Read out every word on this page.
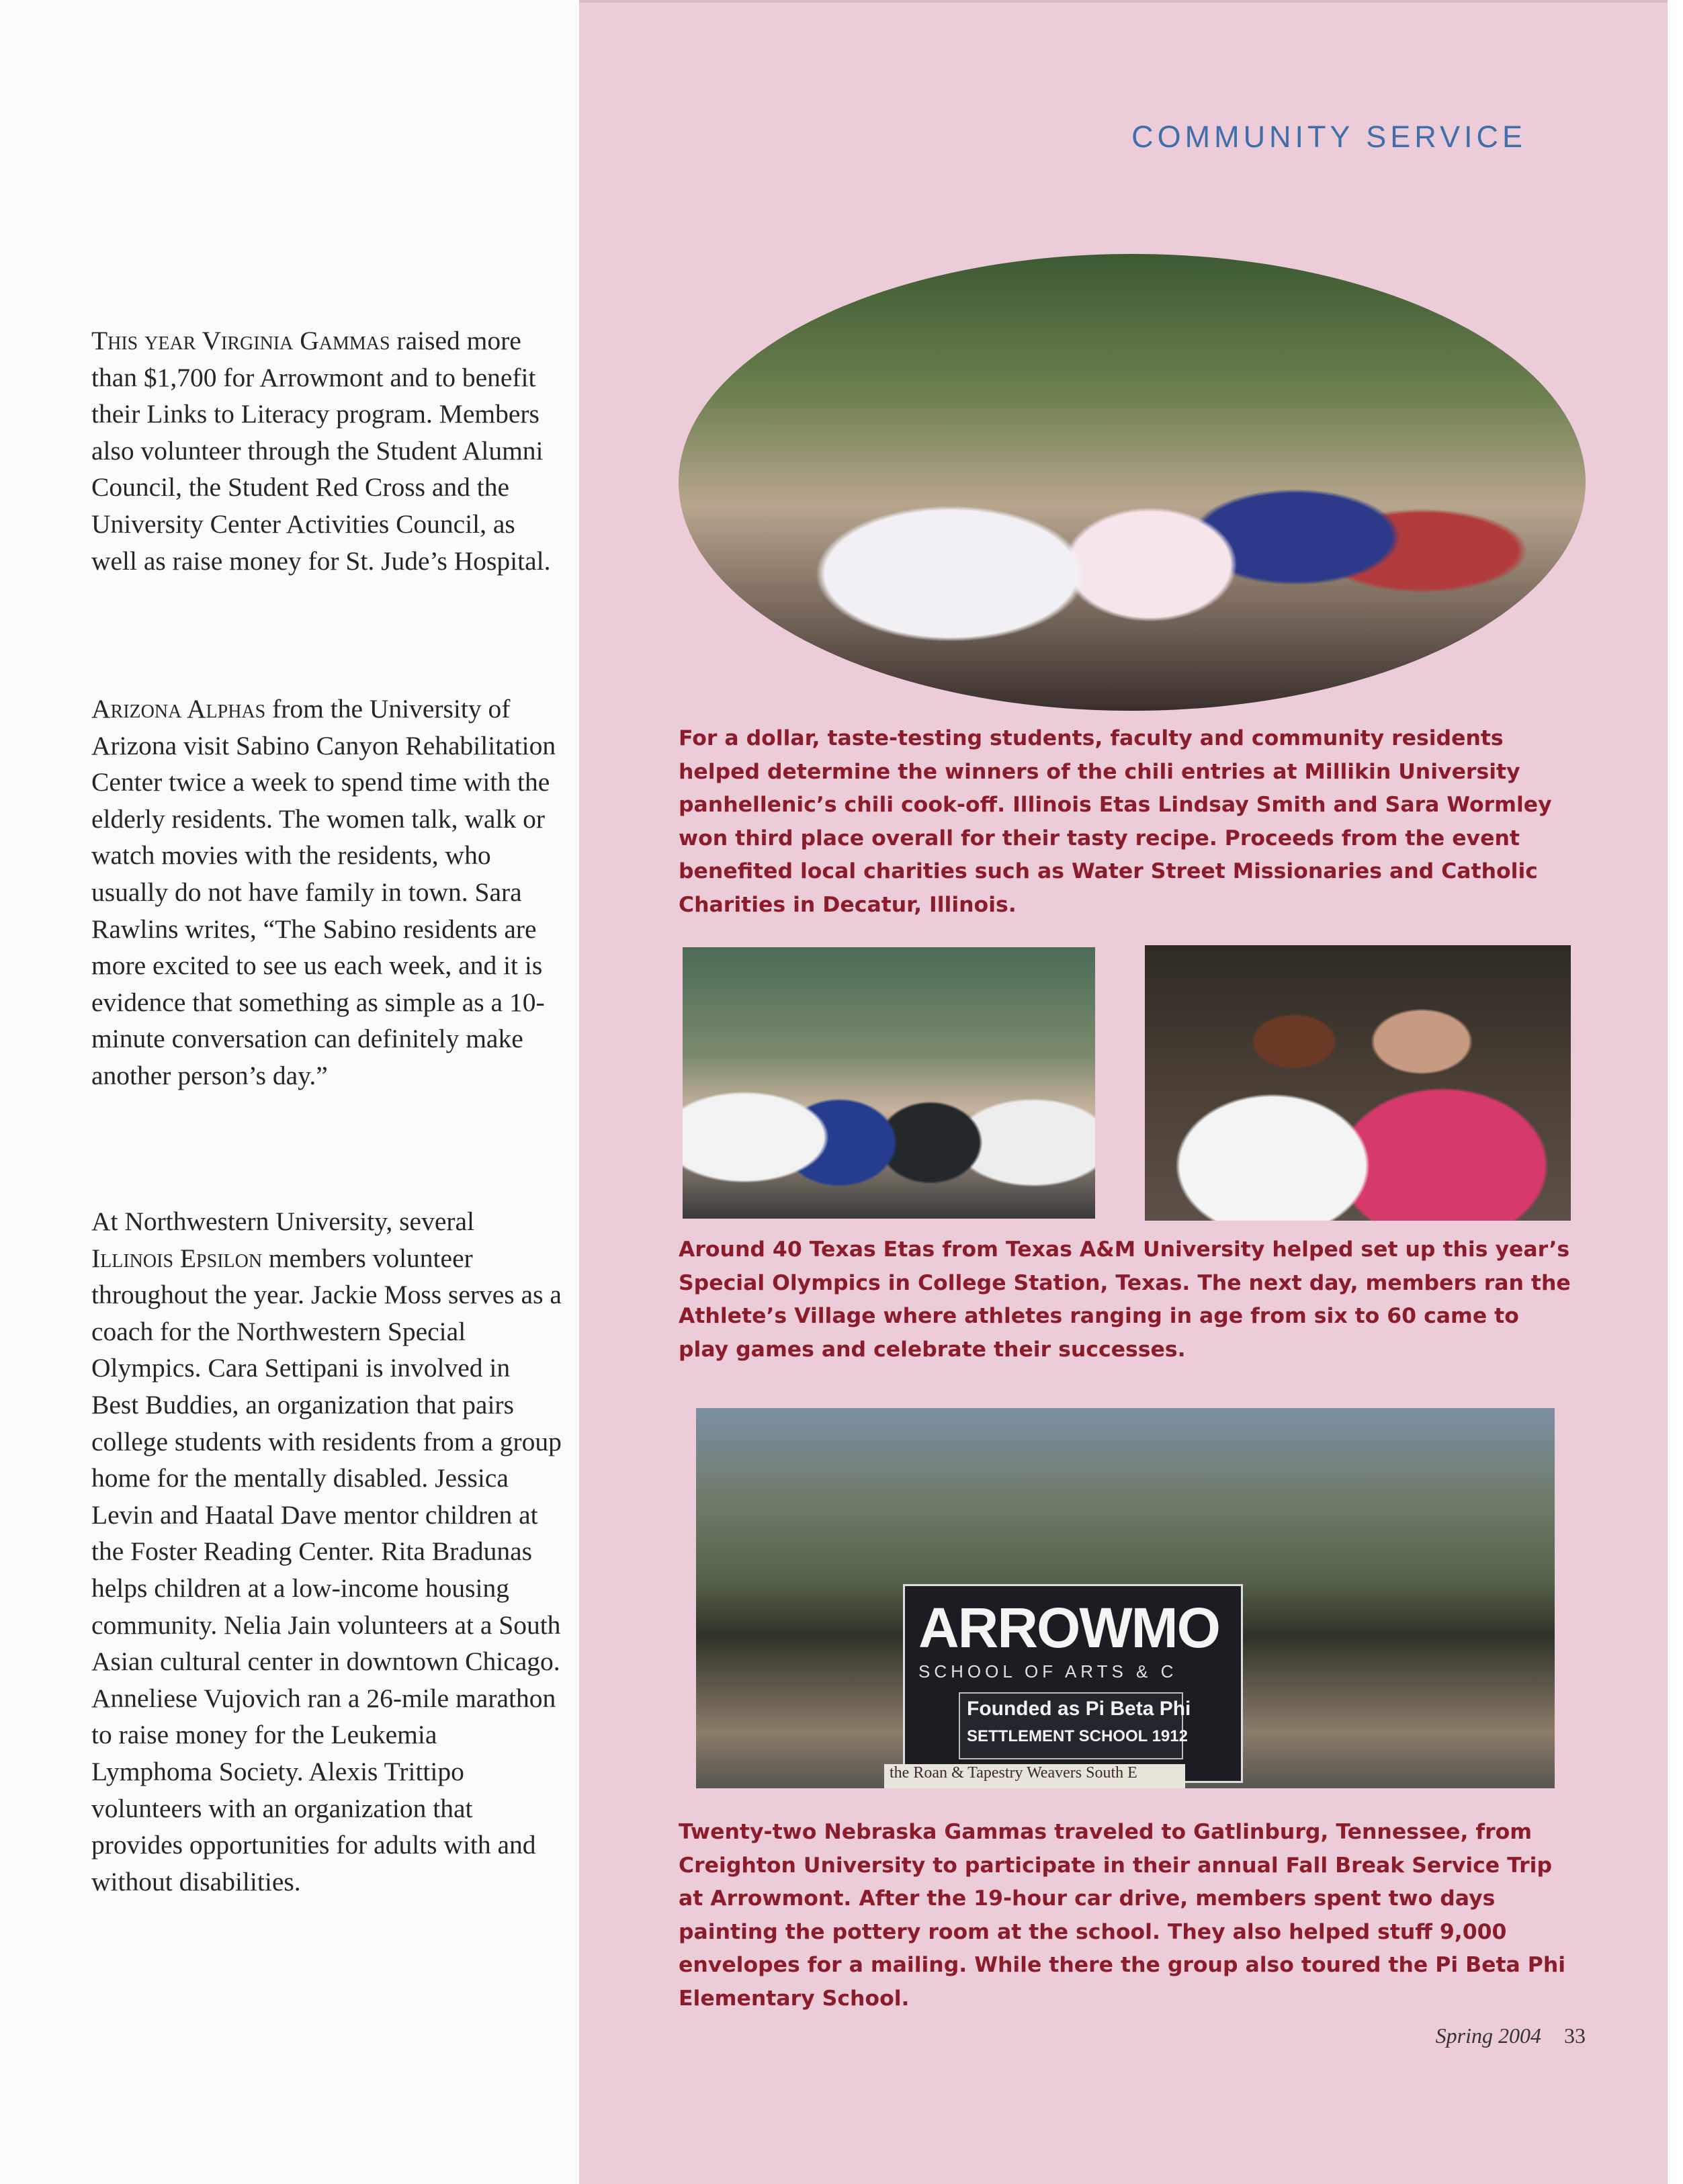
COMMUNITY SERVICE

This year Virginia Gammas raised more than $1,700 for Arrowmont and to benefit their Links to Literacy program. Members also volunteer through the Student Alumni Council, the Student Red Cross and the University Center Activities Council, as well as raise money for St. Jude’s Hospital.

Arizona Alphas from the University of Arizona visit Sabino Canyon Rehabilitation Center twice a week to spend time with the elderly residents. The women talk, walk or watch movies with the residents, who usually do not have family in town. Sara Rawlins writes, “The Sabino residents are more excited to see us each week, and it is evidence that something as simple as a 10-minute conversation can definitely make another person’s day.”

At Northwestern University, several Illinois Epsilon members volunteer throughout the year. Jackie Moss serves as a coach for the Northwestern Special Olympics. Cara Settipani is involved in Best Buddies, an organization that pairs college students with residents from a group home for the mentally disabled. Jessica Levin and Haatal Dave mentor children at the Foster Reading Center. Rita Bradunas helps children at a low-income housing community. Nelia Jain volunteers at a South Asian cultural center in downtown Chicago. Anneliese Vujovich ran a 26-mile marathon to raise money for the Leukemia Lymphoma Society. Alexis Trittipo volunteers with an organization that provides opportunities for adults with and without disabilities.

For a dollar, taste-testing students, faculty and community residents helped determine the winners of the chili entries at Millikin University panhellenic’s chili cook-off. Illinois Etas Lindsay Smith and Sara Wormley won third place overall for their tasty recipe. Proceeds from the event benefited local charities such as Water Street Missionaries and Catholic Charities in Decatur, Illinois.
Around 40 Texas Etas from Texas A&M University helped set up this year’s Special Olympics in College Station, Texas. The next day, members ran the Athlete’s Village where athletes ranging in age from six to 60 came to play games and celebrate their successes.
ARROWMO
SCHOOL OF ARTS & C
Founded as Pi Beta Phi
SETTLEMENT SCHOOL 1912
the Roan & Tapestry Weavers South E
Twenty-two Nebraska Gammas traveled to Gatlinburg, Tennessee, from Creighton University to participate in their annual Fall Break Service Trip at Arrowmont. After the 19-hour car drive, members spent two days painting the pottery room at the school. They also helped stuff 9,000 envelopes for a mailing. While there the group also toured the Pi Beta Phi Elementary School.
Spring 2004 33
